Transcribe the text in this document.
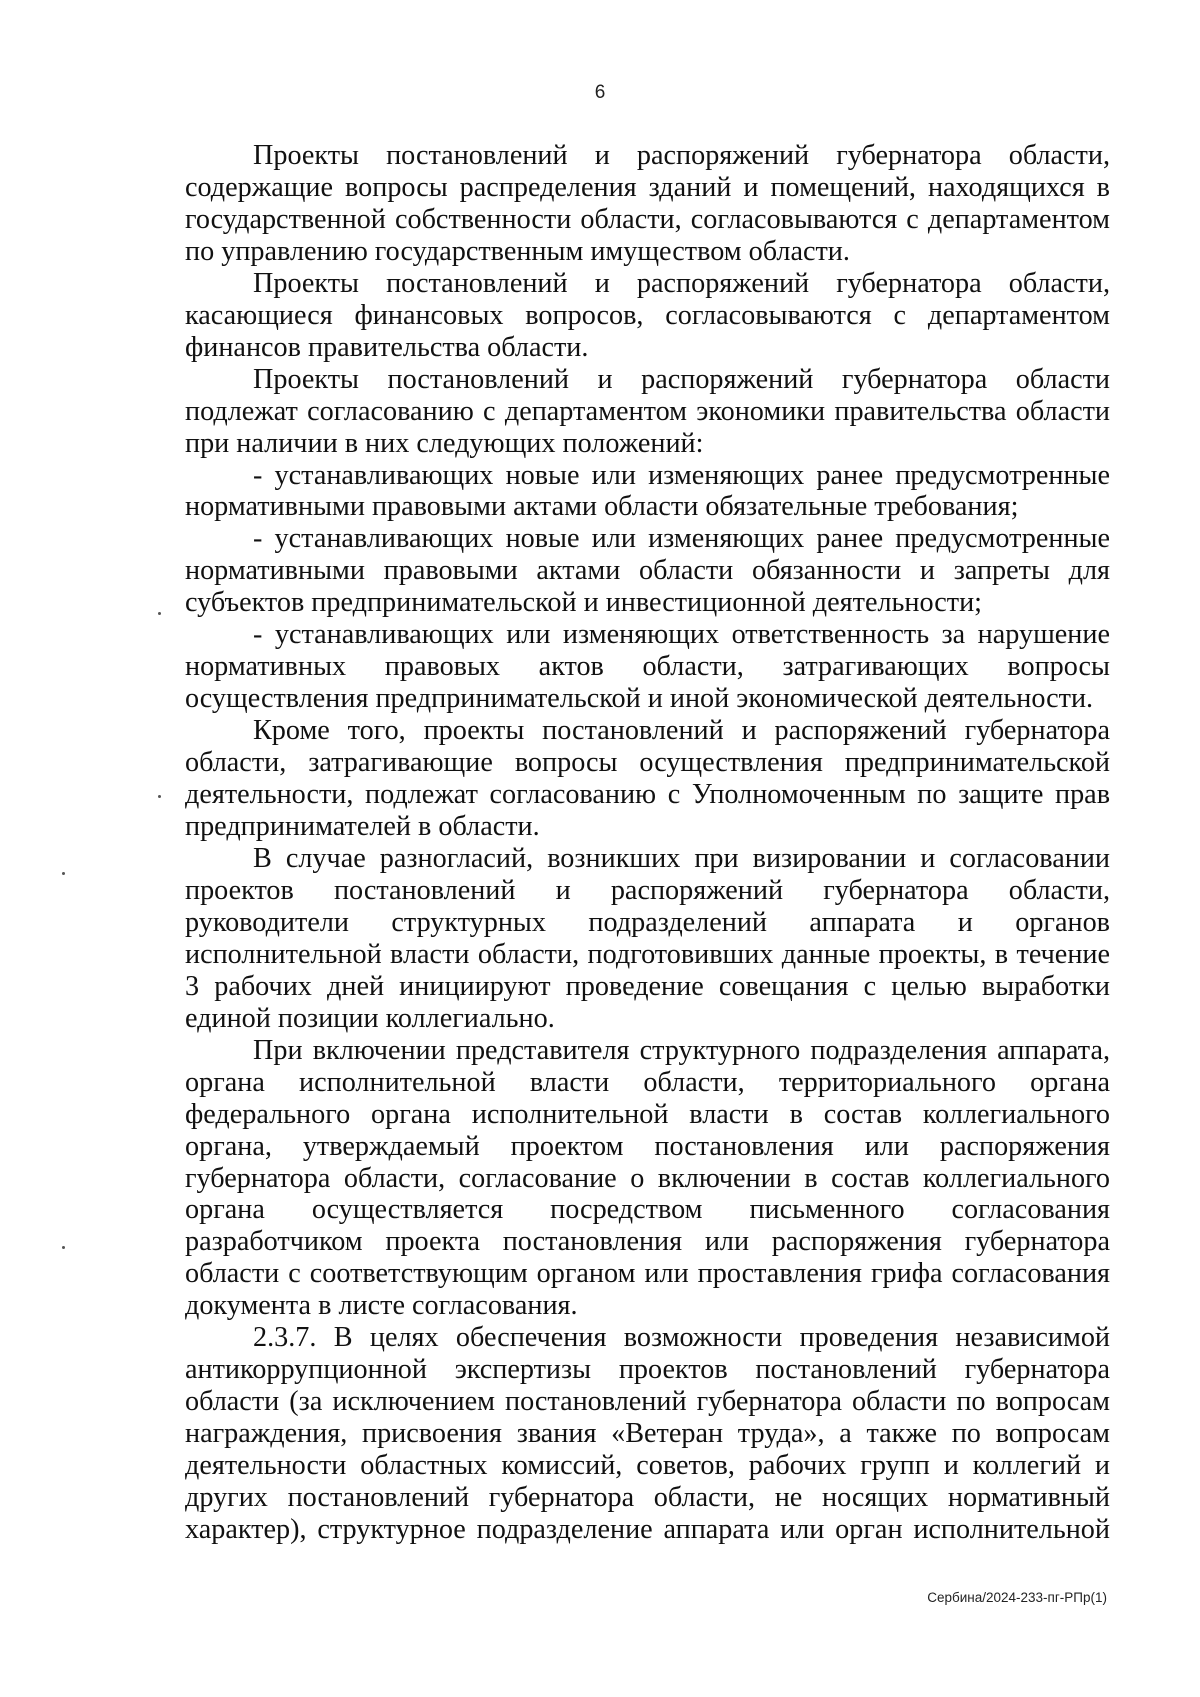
6

Проекты постановлений и распоряжений губернатора области, содержащие вопросы распределения зданий и помещений, находящихся в государственной собственности области, согласовываются с департаментом по управлению государственным имуществом области.

Проекты постановлений и распоряжений губернатора области, касающиеся финансовых вопросов, согласовываются с департаментом финансов правительства области.

Проекты постановлений и распоряжений губернатора области подлежат согласованию с департаментом экономики правительства области при наличии в них следующих положений:

- устанавливающих новые или изменяющих ранее предусмотренные нормативными правовыми актами области обязательные требования;

- устанавливающих новые или изменяющих ранее предусмотренные нормативными правовыми актами области обязанности и запреты для субъектов предпринимательской и инвестиционной деятельности;

- устанавливающих или изменяющих ответственность за нарушение нормативных правовых актов области, затрагивающих вопросы осуществления предпринимательской и иной экономической деятельности.

Кроме того, проекты постановлений и распоряжений губернатора области, затрагивающие вопросы осуществления предпринимательской деятельности, подлежат согласованию с Уполномоченным по защите прав предпринимателей в области.

В случае разногласий, возникших при визировании и согласовании проектов постановлений и распоряжений губернатора области, руководители структурных подразделений аппарата и органов исполнительной власти области, подготовивших данные проекты, в течение 3 рабочих дней инициируют проведение совещания с целью выработки единой позиции коллегиально.

При включении представителя структурного подразделения аппарата, органа исполнительной власти области, территориального органа федерального органа исполнительной власти в состав коллегиального органа, утверждаемый проектом постановления или распоряжения губернатора области, согласование о включении в состав коллегиального органа осуществляется посредством письменного согласования разработчиком проекта постановления или распоряжения губернатора области с соответствующим органом или проставления грифа согласования документа в листе согласования.

2.3.7. В целях обеспечения возможности проведения независимой антикоррупционной экспертизы проектов постановлений губернатора области (за исключением постановлений губернатора области по вопросам награждения, присвоения звания «Ветеран труда», а также по вопросам деятельности областных комиссий, советов, рабочих групп и коллегий и других постановлений губернатора области, не носящих нормативный характер), структурное подразделение аппарата или орган исполнительной

Сербина/2024-233-пг-РПр(1)
